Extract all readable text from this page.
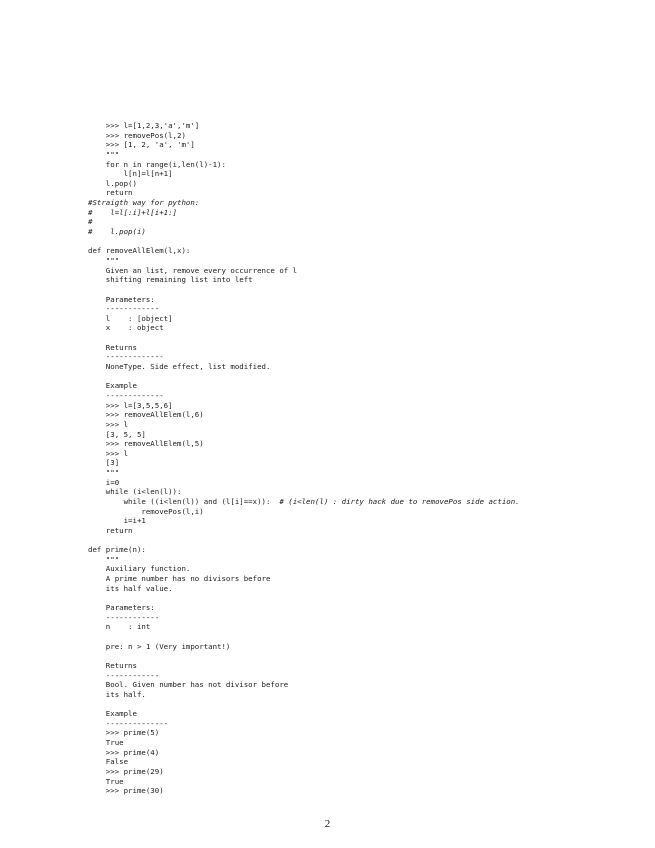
>>> l=[1,2,3,'a','m']
>>> removePos(l,2)
>>> [1, 2, 'a', 'm']
"""
for n in range(i,len(l)-1):
l[n]=l[n+1]
l.pop()
return
#Straigth way for python:
#    l=l[:i]+l[i+1:]
#
#    l.pop(i)
def removeAllElem(l,x):
"""
Given an list, remove every occurrence of l
shifting remaining list into left
Parameters:
------------
l    : [object]
x    : object
Returns
-------------
NoneType. Side effect, list modified.
Example
-------------
>>> l=[3,5,5,6]
>>> removeAllElem(l,6)
>>> l
[3, 5, 5]
>>> removeAllElem(l,5)
>>> l
[3]
"""
i=0
while (i<len(l)):
while ((i<len(l)) and (l[i]==x)):  # (i<len(l) : dirty hack due to removePos side action.
removePos(l,i)
i=i+1
return
def prime(n):
"""
Auxiliary function.
A prime number has no divisors before
its half value.
Parameters:
------------
n    : int
pre: n > 1 (Very important!)
Returns
------------
Bool. Given number has not divisor before
its half.
Example
--------------
>>> prime(5)
True
>>> prime(4)
False
>>> prime(29)
True
>>> prime(30)
2
